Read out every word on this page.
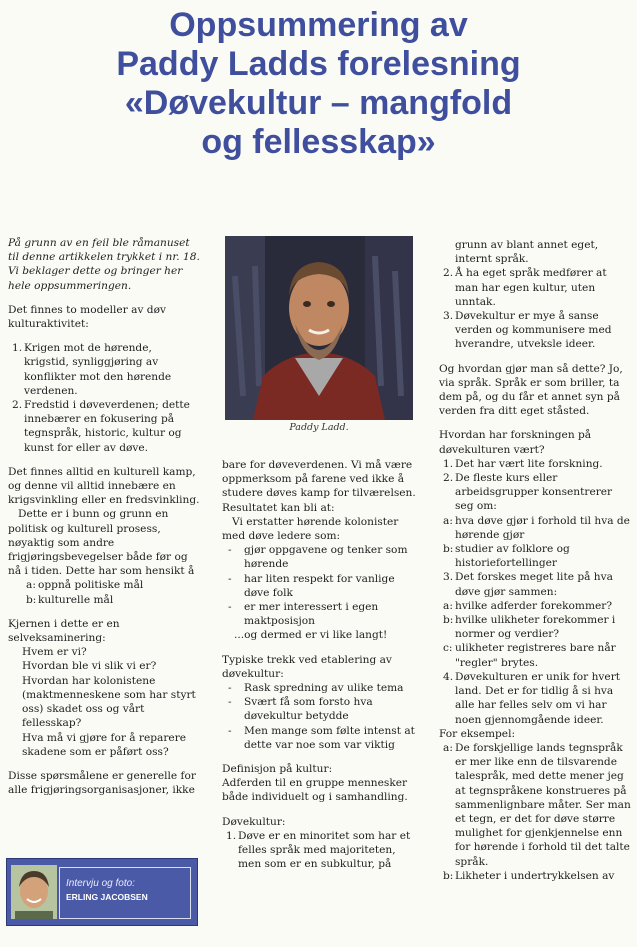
Oppsummering av
Paddy Ladds forelesning
«Døvekultur – mangfold
og fellesskap»

På grunn av en feil ble råmanuset til denne artikkelen trykket i nr. 18. Vi beklager dette og bringer her hele oppsummeringen.

Det finnes to modeller av døv kulturaktivitet:

1. Krigen mot de hørende, krigstid, synliggjøring av konflikter mot den hørende verdenen.
2. Fredstid i døveverdenen; dette innebærer en fokusering på tegnspråk, historic, kultur og kunst for eller av døve.

Det finnes alltid en kulturell kamp, og denne vil alltid innebære en krigsvinkling eller en fredsvinkling.

Dette er i bunn og grunn en politisk og kulturell prosess, nøyaktig som andre frigjøringsbevegelser både før og nå i tiden. Dette har som hensikt å

a: oppnå politiske mål
b: kulturelle mål

Kjernen i dette er en selveksaminering:

Hvem er vi?
Hvordan ble vi slik vi er?
Hvordan har kolonistene (maktmenneskene som har styrt oss) skadet oss og vårt fellesskap?
Hva må vi gjøre for å reparere skadene som er påført oss?

Disse spørsmålene er generelle for alle frigjøringsorganisasjoner, ikke

Paddy Ladd.

bare for døveverdenen. Vi må være oppmerksom på farene ved ikke å studere døves kamp for tilværelsen. Resultatet kan bli at:

Vi erstatter hørende kolonister med døve ledere som:

- gjør oppgavene og tenker som hørende
- har liten respekt for vanlige døve folk
- er mer interessert i egen maktposisjon

...og dermed er vi like langt!

Typiske trekk ved etablering av døvekultur:

- Rask spredning av ulike tema
- Svært få som forsto hva døvekultur betydde
- Men mange som følte intenst at dette var noe som var viktig

Definisjon på kultur:

Adferden til en gruppe mennesker både individuelt og i samhandling.

Døvekultur:

1. Døve er en minoritet som har et felles språk med majoriteten, men som er en subkultur, på

grunn av blant annet eget, internt språk.

2. Å ha eget språk medfører at man har egen kultur, uten unntak.
3. Døvekultur er mye å sanse verden og kommunisere med hverandre, utveksle ideer.

Og hvordan gjør man så dette? Jo, via språk. Språk er som briller, ta dem på, og du får et annet syn på verden fra ditt eget ståsted.

Hvordan har forskningen på døvekulturen vært?

1. Det har vært lite forskning.
2. De fleste kurs eller arbeidsgrupper konsentrerer seg om:
a: hva døve gjør i forhold til hva de hørende gjør
b: studier av folklore og historiefortellinger
3. Det forskes meget lite på hva døve gjør sammen:
a: hvilke adferder forekommer?
b: hvilke ulikheter forekommer i normer og verdier?
c: ulikheter registreres bare når "regler" brytes.
4. Døvekulturen er unik for hvert land. Det er for tidlig å si hva alle har felles selv om vi har noen gjennomgående ideer.

For eksempel:

a: De forskjellige lands tegnspråk er mer like enn de tilsvarende talespråk, med dette mener jeg at tegnspråkene konstrueres på sammenlignbare måter. Ser man et tegn, er det for døve større mulighet for gjenkjennelse enn for hørende i forhold til det talte språk.
b: Likheter i undertrykkelsen av
Intervju og foto:
ERLING JACOBSEN
